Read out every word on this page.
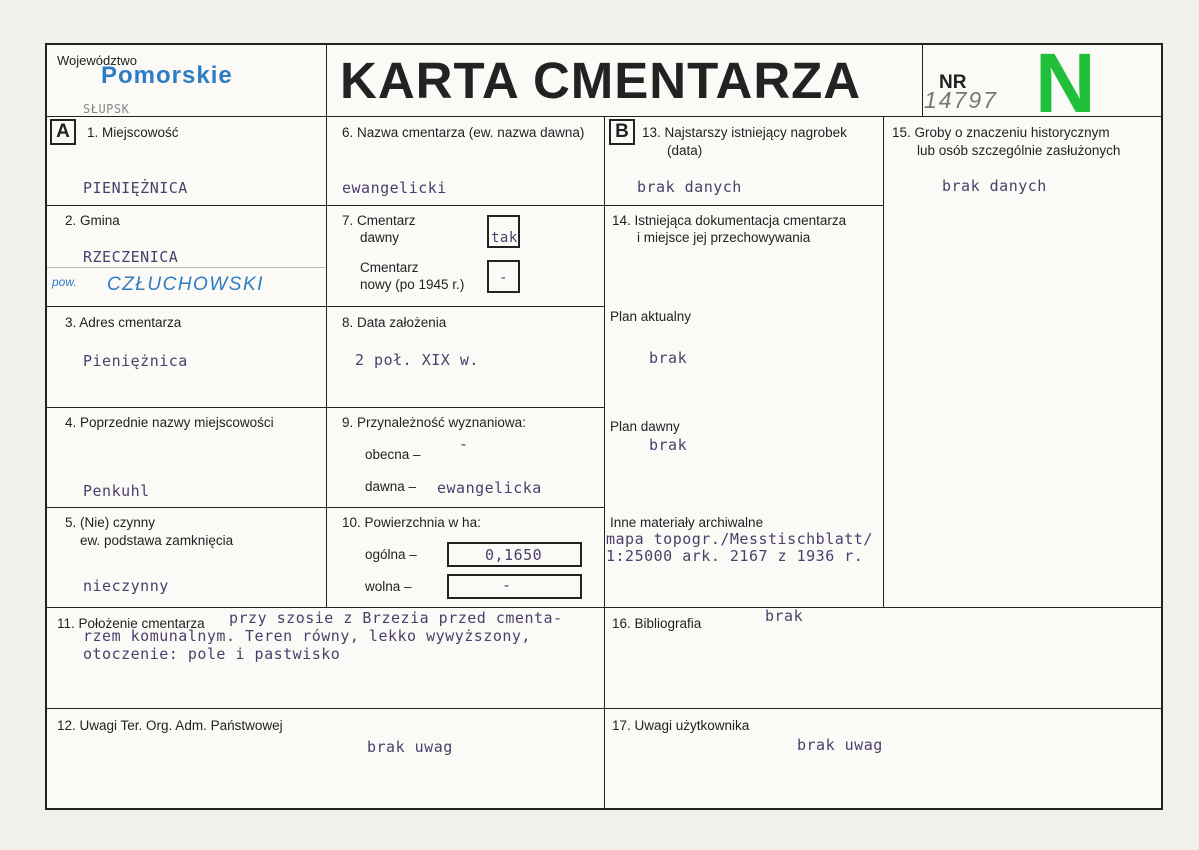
Województwo
Pomorskie
SŁUPSK	KARTA CMENTARZA	NR
14797 N
A	1. Miejscowość
PIENIĘŻNICA
6. Nazwa cmentarza (ew. nazwa dawna)
ewangelicki
B 13. Najstarszy istniejący nagrobek
(data)
brak danych
15. Groby o znaczeniu historycznym
lub osób szczególnie zasłużonych
brak danych
2. Gmina
RZECZENICA
pow. CZŁUCHOWSKI
7. Cmentarz
dawny	tak
Cmentarz
nowy (po 1945 r.) -
14. Istniejąca dokumentacja cmentarza
i miejsce jej przechowywania
Plan aktualny
brak
Plan dawny
brak
Inne materiały archiwalne
mapa topogr./Messtischblatt/
1:25000 ark. 2167 z 1936 r.
3. Adres cmentarza
Pieniężnica
8. Data założenia
2 poł. XIX w.
4. Poprzednie nazwy miejscowości
Penkuhl
9. Przynależność wyznaniowa:
obecna –
-
dawna – ewangelicka
5. (Nie) czynny
ew. podstawa zamknięcia
nieczynny
10. Powierzchnia w ha:
ogólna –	0,1650
wolna –	-
11. Położenie cmentarza przy szosie z Brzezia przed cmenta-
rzem komunalnym. Teren równy, lekko wywyższony,
otoczenie: pole i pastwisko
16. Bibliografia	brak
12. Uwagi Ter. Org. Adm. Państwowej
brak uwag
17. Uwagi użytkownika
brak uwag
